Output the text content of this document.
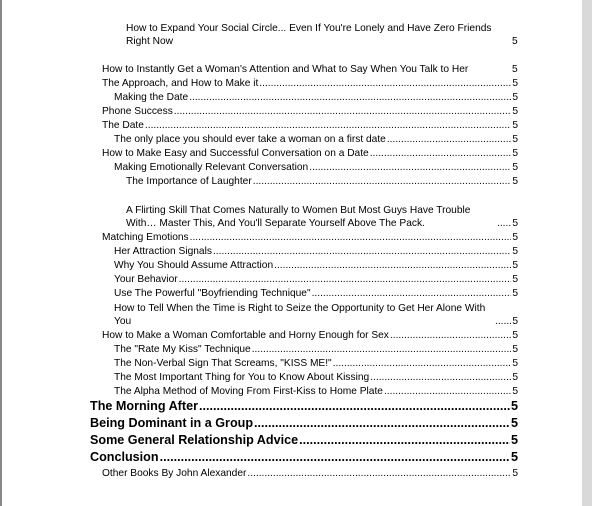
How to Expand Your Social Circle... Even If You're Lonely and Have Zero Friends Right Now	5
How to Instantly Get a Woman's Attention and What to Say When You Talk to Her	5
The Approach, and How to Make it .....	5
Making the Date .....	5
Phone Success .....	5
The Date .....	5
The only place you should ever take a woman on a first date .....	5
How to Make Easy and Successful Conversation on a Date .....	5
Making Emotionally Relevant Conversation .....	5
The Importance of Laughter .....	5
A Flirting Skill That Comes Naturally to Women But Most Guys Have Trouble With… Master This, And You'll Separate Yourself Above The Pack. .....	5
Matching Emotions .....	5
Her Attraction Signals .....	5
Why You Should Assume Attraction .....	5
Your Behavior .....	5
Use The Powerful "Boyfriending Technique" .....	5
How to Tell When the Time is Right to Seize the Opportunity to Get Her Alone With You .....	5
How to Make a Woman Comfortable and Horny Enough for Sex .....	5
The "Rate My Kiss" Technique .....	5
The Non-Verbal Sign That Screams, "KISS ME!" .....	5
The Most Important Thing for You to Know About Kissing .....	5
The Alpha Method of Moving From First-Kiss to Home Plate .....	5
The Morning After .....	5
Being Dominant in a Group .....	5
Some General Relationship Advice .....	5
Conclusion .....	5
Other Books By John Alexander .....	5
